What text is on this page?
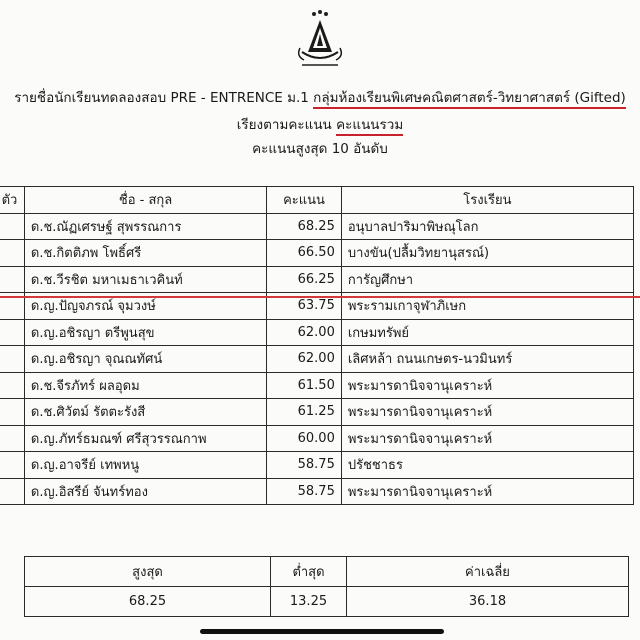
รายชื่อนักเรียนทดลองสอบ PRE - ENTRENCE ม.1 กลุ่มห้องเรียนพิเศษคณิตศาสตร์-วิทยาศาสตร์ (Gifted)
เรียงตามคะแนน คะแนนรวม
คะแนนสูงสุด 10 อันดับ
ตัว	ชื่อ - สกุล	คะแนน	โรงเรียน
	ด.ช.ณัฏเศรษฐ์ สุพรรณการ	68.25	อนุบาลปาริมาพิษณุโลก
	ด.ช.กิตติภพ โพธิ์ศรี	66.50	บางขัน(ปลื้มวิทยานุสรณ์)
	ด.ช.วีรชิต มหาเมธาเวคินท์	66.25	การัญศึกษา
	ด.ญ.ปัญจภรณ์ จุมวงษ์	63.75	พระรามเกาจุฬาภิเษก
	ด.ญ.อชิรญา ตรีพูนสุข	62.00	เกษมทรัพย์
	ด.ญ.อชิรญา จุณณทัศน์	62.00	เลิศหล้า ถนนเกษตร-นวมินทร์
	ด.ช.จีรภัทร์ ผลอุดม	61.50	พระมารดานิจจานุเคราะห์
	ด.ช.ศิวัตม์ รัตตะรังสี	61.25	พระมารดานิจจานุเคราะห์
	ด.ญ.ภัทร์ธมณฑ์ ศรีสุวรรณกาพ	60.00	พระมารดานิจจานุเคราะห์
	ด.ญ.อาจรีย์ เทพหนู	58.75	ปรัชชาธร
	ด.ญ.อิสรีย์ จันทร์ทอง	58.75	พระมารดานิจจานุเคราะห์
สูงสุด	ต่ำสุด	ค่าเฉลี่ย
68.25	13.25	36.18
